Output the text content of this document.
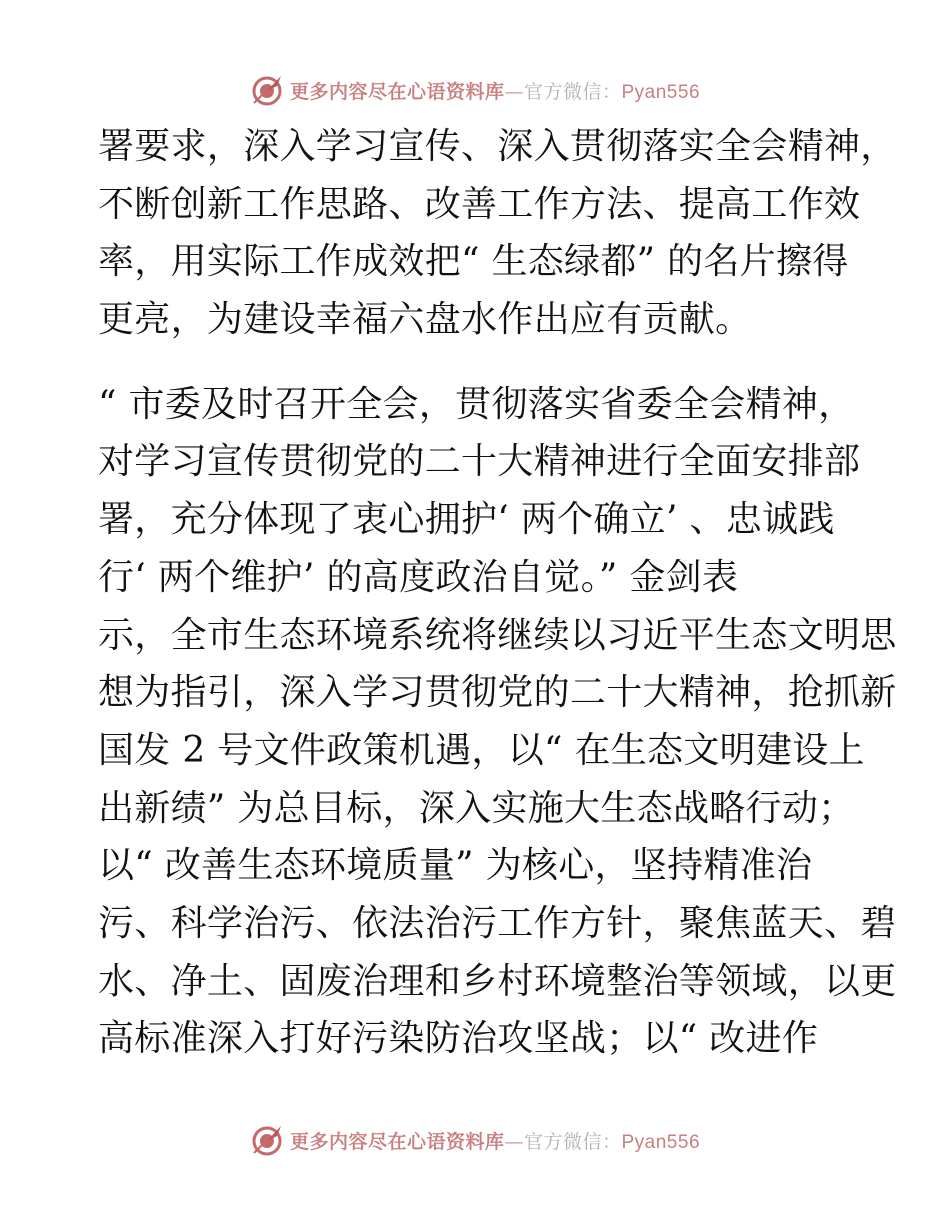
更多内容尽在心语资料库—官方微信：Pyan556
署要求，深入学习宣传、深入贯彻落实全会精神，
不断创新工作思路、改善工作方法、提高工作效
率，用实际工作成效把“ 生态绿都” 的名片擦得
更亮，为建设幸福六盘水作出应有贡献。
“ 市委及时召开全会，贯彻落实省委全会精神，
对学习宣传贯彻党的二十大精神进行全面安排部
署，充分体现了衷心拥护‘ 两个确立’ 、忠诚践
行‘ 两个维护’ 的高度政治自觉。” 金剑表
示，全市生态环境系统将继续以习近平生态文明思
想为指引，深入学习贯彻党的二十大精神，抢抓新
国发 2 号文件政策机遇，以“ 在生态文明建设上
出新绩” 为总目标，深入实施大生态战略行动；
以“ 改善生态环境质量” 为核心，坚持精准治
污、科学治污、依法治污工作方针，聚焦蓝天、碧
水、净土、固废治理和乡村环境整治等领域，以更
高标准深入打好污染防治攻坚战；以“ 改进作
更多内容尽在心语资料库—官方微信：Pyan556
